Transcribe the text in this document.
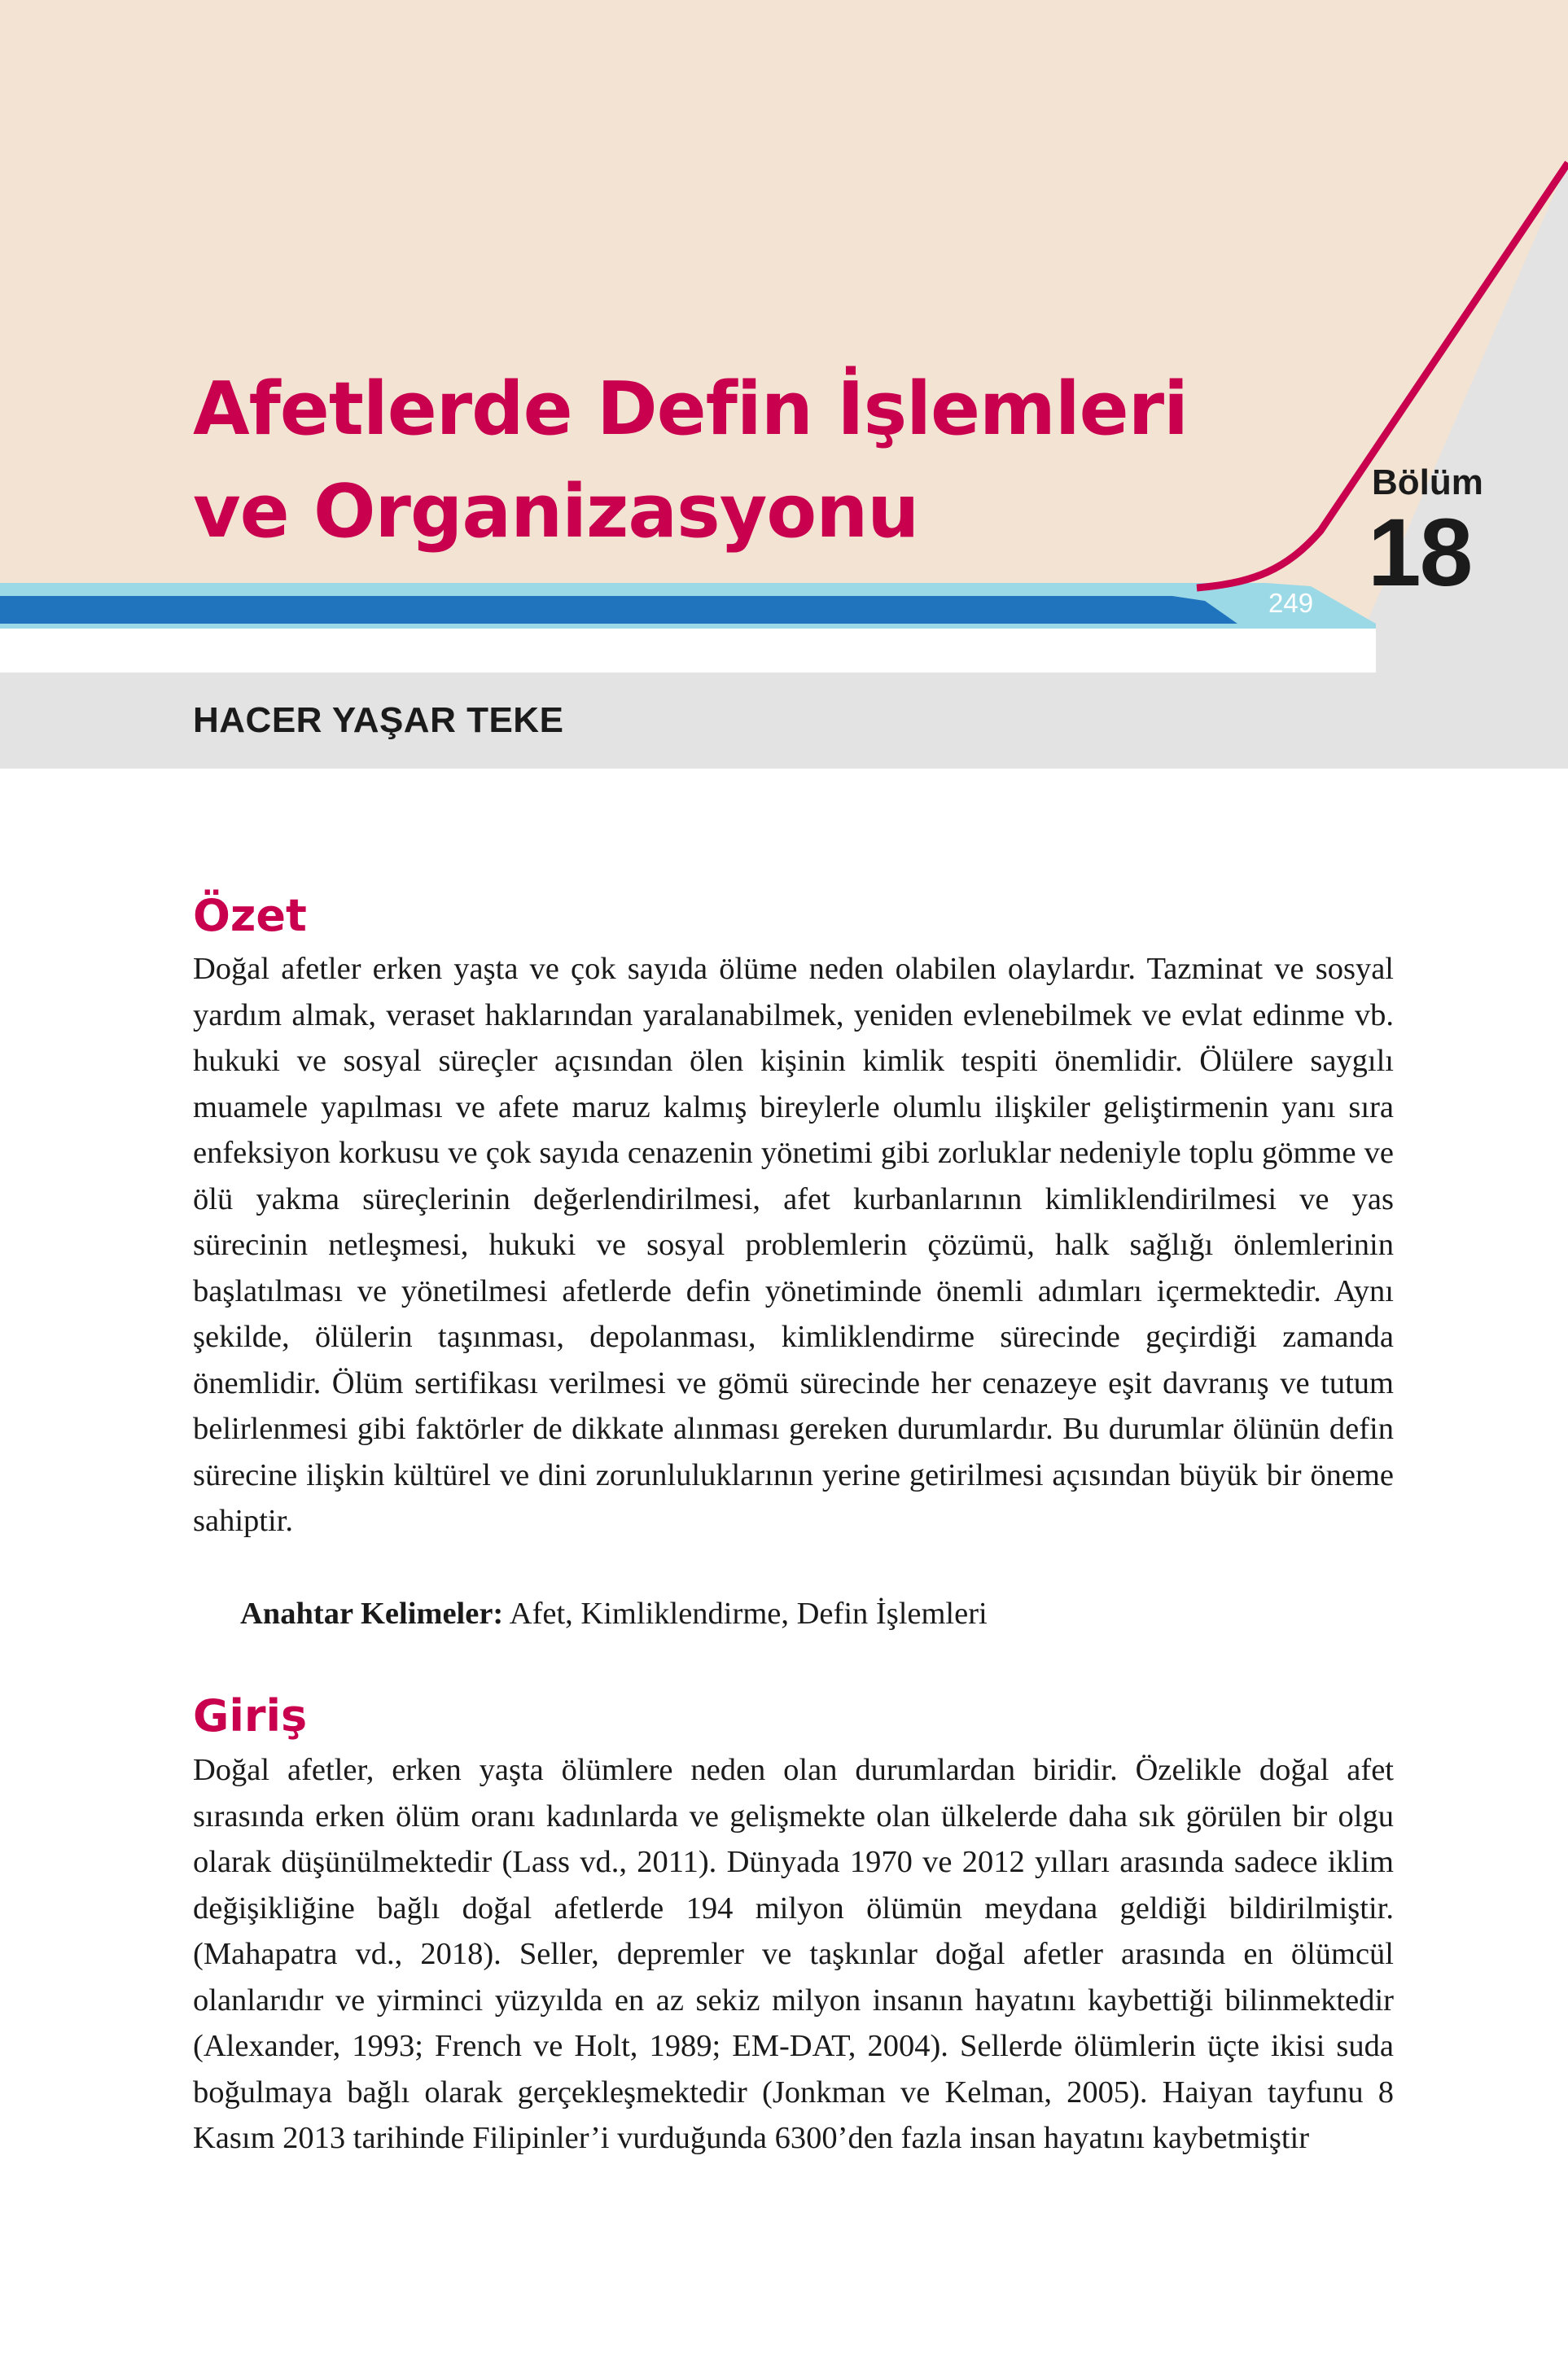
Afetlerde Defin İşlemleri ve Organizasyonu	Bölüm

18

249

HACER YAŞAR TEKE

Özet

Doğal afetler erken yaşta ve çok sayıda ölüme neden olabilen olaylardır. Tazminat ve sosyal yardım almak, veraset haklarından yaralanabilmek, yeniden evlenebilmek ve evlat edinme vb. hukuki ve sosyal süreçler açısından ölen kişinin kimlik tespiti önemlidir. Ölülere saygılı muamele yapılması ve afete maruz kalmış bireylerle olumlu ilişkiler geliştirmenin yanı sıra enfeksiyon korkusu ve çok sayıda cenazenin yönetimi gibi zorluklar nedeniyle toplu gömme ve ölü yakma süreçlerinin değerlendirilmesi, afet kurbanlarının kimliklendirilmesi ve yas sürecinin netleşmesi, hukuki ve sosyal problemlerin çözümü, halk sağlığı önlemlerinin başlatılması ve yönetilmesi afetlerde defin yönetiminde önemli adımları içermektedir. Aynı şekilde, ölülerin taşınması, depolanması, kimliklendirme sürecinde geçirdiği zamanda önemlidir. Ölüm sertifikası verilmesi ve gömü sürecinde her cenazeye eşit davranış ve tutum belirlenmesi gibi faktörler de dikkate alınması gereken durumlardır. Bu durumlar ölünün defin sürecine ilişkin kültürel ve dini zorunluluklarının yerine getirilmesi açısından büyük bir öneme sahiptir.

Anahtar Kelimeler: Afet, Kimliklendirme, Defin İşlemleri

Giriş

Doğal afetler, erken yaşta ölümlere neden olan durumlardan biridir. Özelikle doğal afet sırasında erken ölüm oranı kadınlarda ve gelişmekte olan ülkelerde daha sık görülen bir olgu olarak düşünülmektedir (Lass vd., 2011). Dünyada 1970 ve 2012 yılları arasında sadece iklim değişikliğine bağlı doğal afetlerde 194 milyon ölümün meydana geldiği bildirilmiştir. (Mahapatra vd., 2018). Seller, depremler ve taşkınlar doğal afetler arasında en ölümcül olanlarıdır ve yirminci yüzyılda en az sekiz milyon insanın hayatını kaybettiği bilinmektedir (Alexander, 1993; French ve Holt, 1989; EM-DAT, 2004). Sellerde ölümlerin üçte ikisi suda boğulmaya bağlı olarak gerçekleşmektedir (Jonkman ve Kelman, 2005). Haiyan tayfunu 8 Kasım 2013 tarihinde Filipinler’i vurduğunda 6300’den fazla insan hayatını kaybetmiştir
